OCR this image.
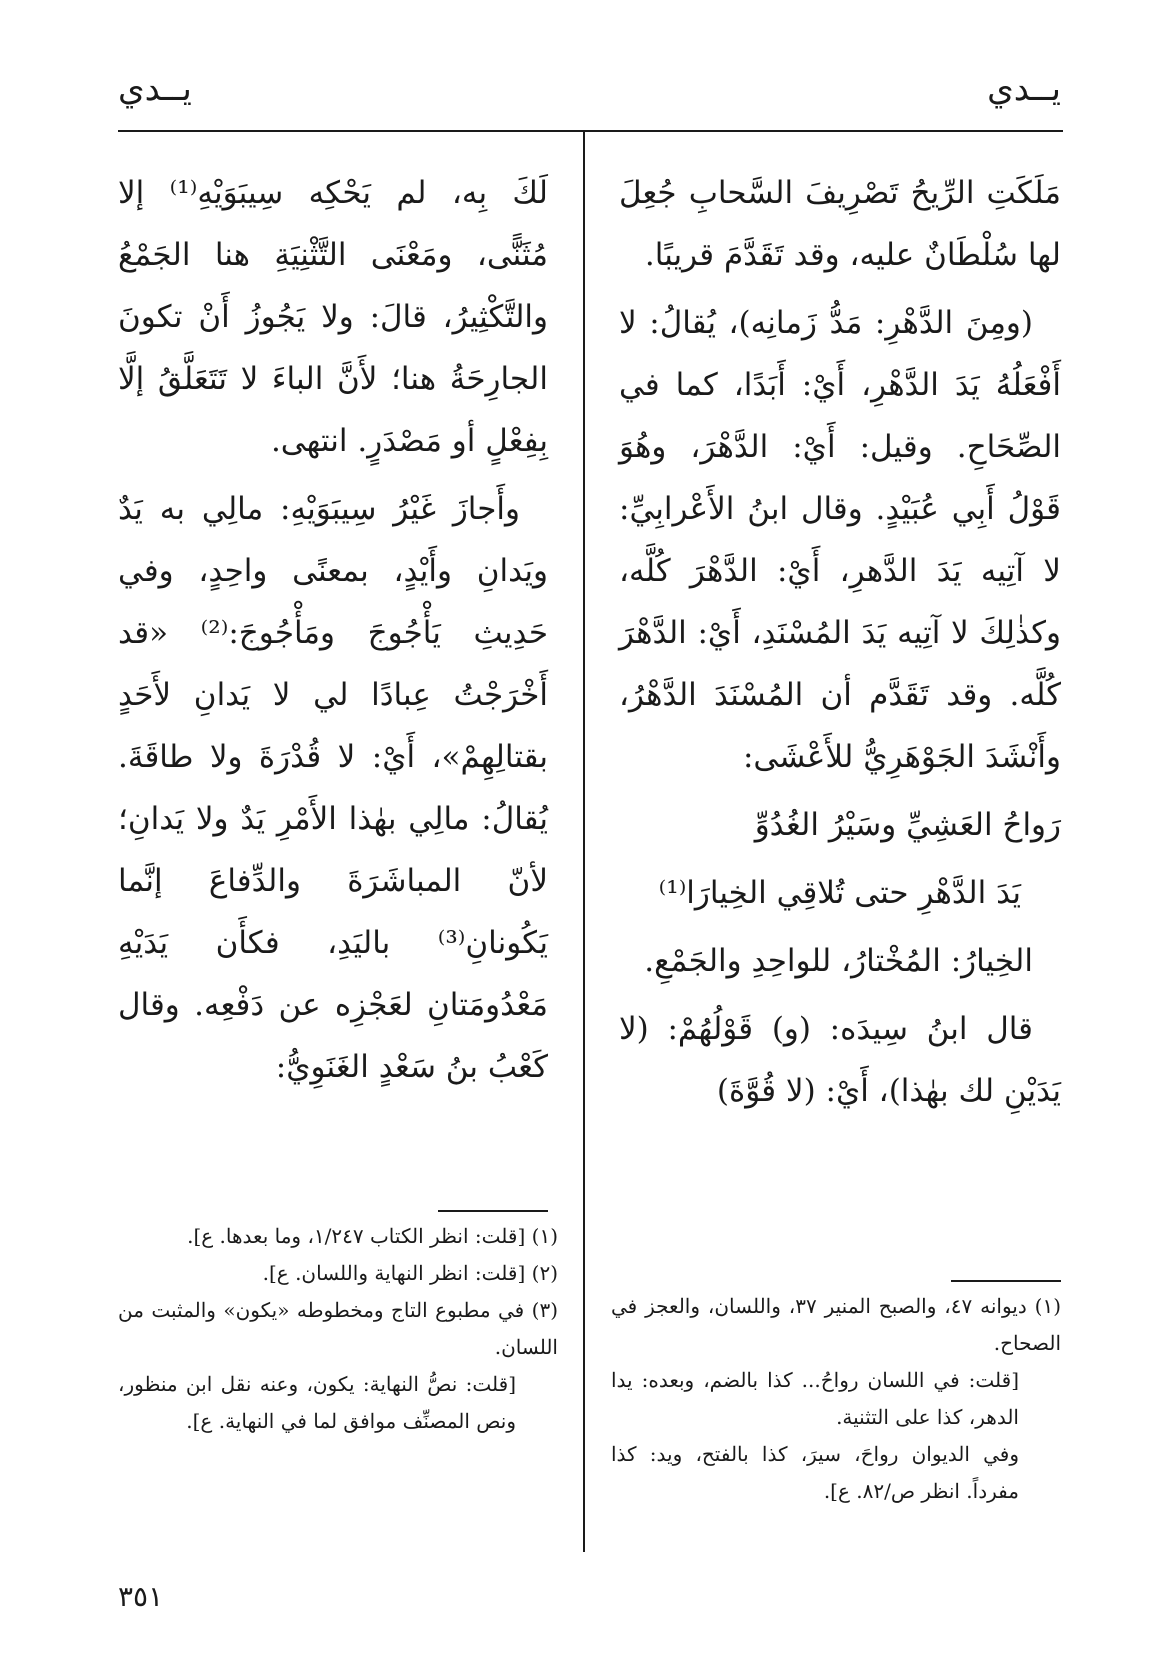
يــدي
يــدي

مَلَكَتِ الرِّيحُ تَصْرِيفَ السَّحابِ جُعِلَ لها سُلْطَانٌ عليه، وقد تَقَدَّمَ قريبًا.

(ومِنَ الدَّهْرِ: مَدُّ زَمانِه)، يُقالُ: لا أَفْعَلُهُ يَدَ الدَّهْرِ، أَيْ: أَبَدًا، كما في الصِّحَاحِ. وقيل: أَيْ: الدَّهْرَ، وهُوَ قَوْلُ أَبِي عُبَيْدٍ. وقال ابنُ الأَعْرابِيِّ: لا آتِيه يَدَ الدَّهرِ، أَيْ: الدَّهْرَ كُلَّه، وكذٰلِكَ لا آتِيه يَدَ المُسْنَدِ، أَيْ: الدَّهْرَ كُلَّه. وقد تَقَدَّم أن المُسْنَدَ الدَّهْرُ، وأَنْشَدَ الجَوْهَرِيُّ للأَعْشَى:

رَواحُ العَشِيِّ وسَيْرُ الغُدُوِّ
يَدَ الدَّهْرِ حتى تُلاقِي الخِيارَا⁽¹⁾

الخِيارُ: المُخْتارُ، للواحِدِ والجَمْعِ.

قال ابنُ سِيدَه: (و) قَوْلُهُمْ: (لا يَدَيْنِ لك بهٰذا)، أَيْ: (لا قُوَّةَ)

(١) ديوانه ٤٧، والصبح المنير ٣٧، واللسان، والعجز في الصحاح.

[قلت: في اللسان رواحُ... كذا بالضم، وبعده: يدا الدهر، كذا على التثنية.

وفي الديوان رواحَ، سيرَ، كذا بالفتح، ويد: كذا مفرداً. انظر ص/٨٢. ع].

لَكَ بِه، لم يَحْكِه سِيبَوَيْهِ⁽¹⁾ إلا مُثَنًّى، ومَعْنَى التَّثْنِيَةِ هنا الجَمْعُ والتَّكْثِيرُ، قالَ: ولا يَجُوزُ أَنْ تكونَ الجارِحَةُ هنا؛ لأَنَّ الباءَ لا تَتَعَلَّقُ إلَّا بِفِعْلٍ أو مَصْدَرٍ. انتهى.

وأَجازَ غَيْرُ سِيبَوَيْهِ: مالِي به يَدٌ ويَدانِ وأَيْدٍ، بمعنًى واحِدٍ، وفي حَدِيثِ يَأْجُوجَ ومَأْجُوجَ:⁽²⁾ «قد أَخْرَجْتُ عِبادًا لي لا يَدانِ لأَحَدٍ بقتالِهِمْ»، أَيْ: لا قُدْرَةَ ولا طاقَةَ. يُقالُ: مالِي بهٰذا الأَمْرِ يَدٌ ولا يَدانِ؛ لأنّ المباشَرَةَ والدِّفاعَ إنَّما يَكُونانِ⁽³⁾ باليَدِ، فكأَن يَدَيْهِ مَعْدُومَتانِ لعَجْزِه عن دَفْعِه. وقال كَعْبُ بنُ سَعْدٍ الغَنَوِيُّ:

(١) [قلت: انظر الكتاب ١/٢٤٧، وما بعدها. ع].

(٢) [قلت: انظر النهاية واللسان. ع].

(٣) في مطبوع التاج ومخطوطه «يكون» والمثبت من اللسان.

[قلت: نصُّ النهاية: يكون، وعنه نقل ابن منظور، ونص المصنِّف موافق لما في النهاية. ع].

٣٥١
